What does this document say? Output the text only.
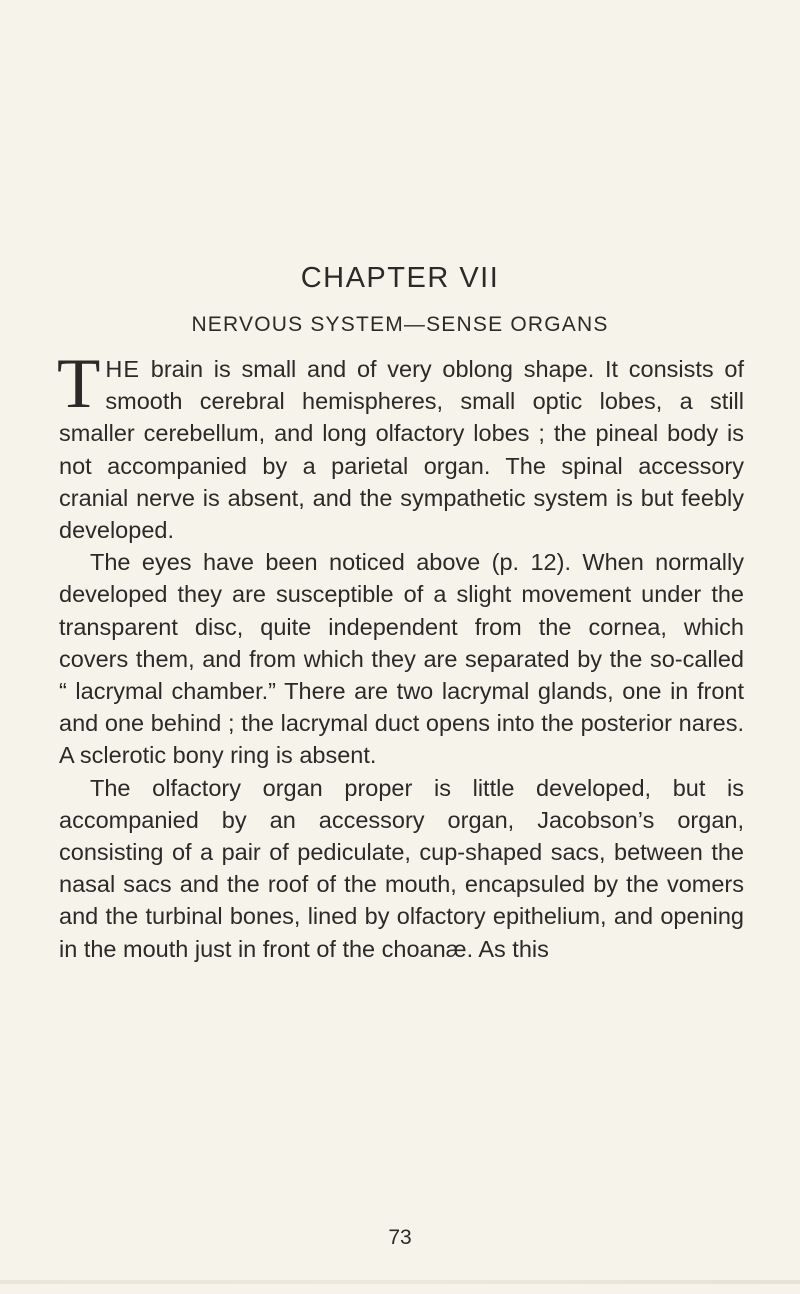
CHAPTER VII
NERVOUS SYSTEM—SENSE ORGANS

THE brain is small and of very oblong shape. It consists of smooth cerebral hemispheres, small optic lobes, a still smaller cerebellum, and long olfactory lobes ; the pineal body is not accompanied by a parietal organ. The spinal accessory cranial nerve is absent, and the sympathetic system is but feebly developed.

The eyes have been noticed above (p. 12). When normally developed they are susceptible of a slight movement under the transparent disc, quite independent from the cornea, which covers them, and from which they are separated by the so-called “ lacrymal chamber.” There are two lacrymal glands, one in front and one behind ; the lacrymal duct opens into the posterior nares. A sclerotic bony ring is absent.

The olfactory organ proper is little developed, but is accompanied by an accessory organ, Jacobson’s organ, consisting of a pair of pediculate, cup-shaped sacs, between the nasal sacs and the roof of the mouth, encapsuled by the vomers and the turbinal bones, lined by olfactory epithelium, and opening in the mouth just in front of the choanæ. As this

73
